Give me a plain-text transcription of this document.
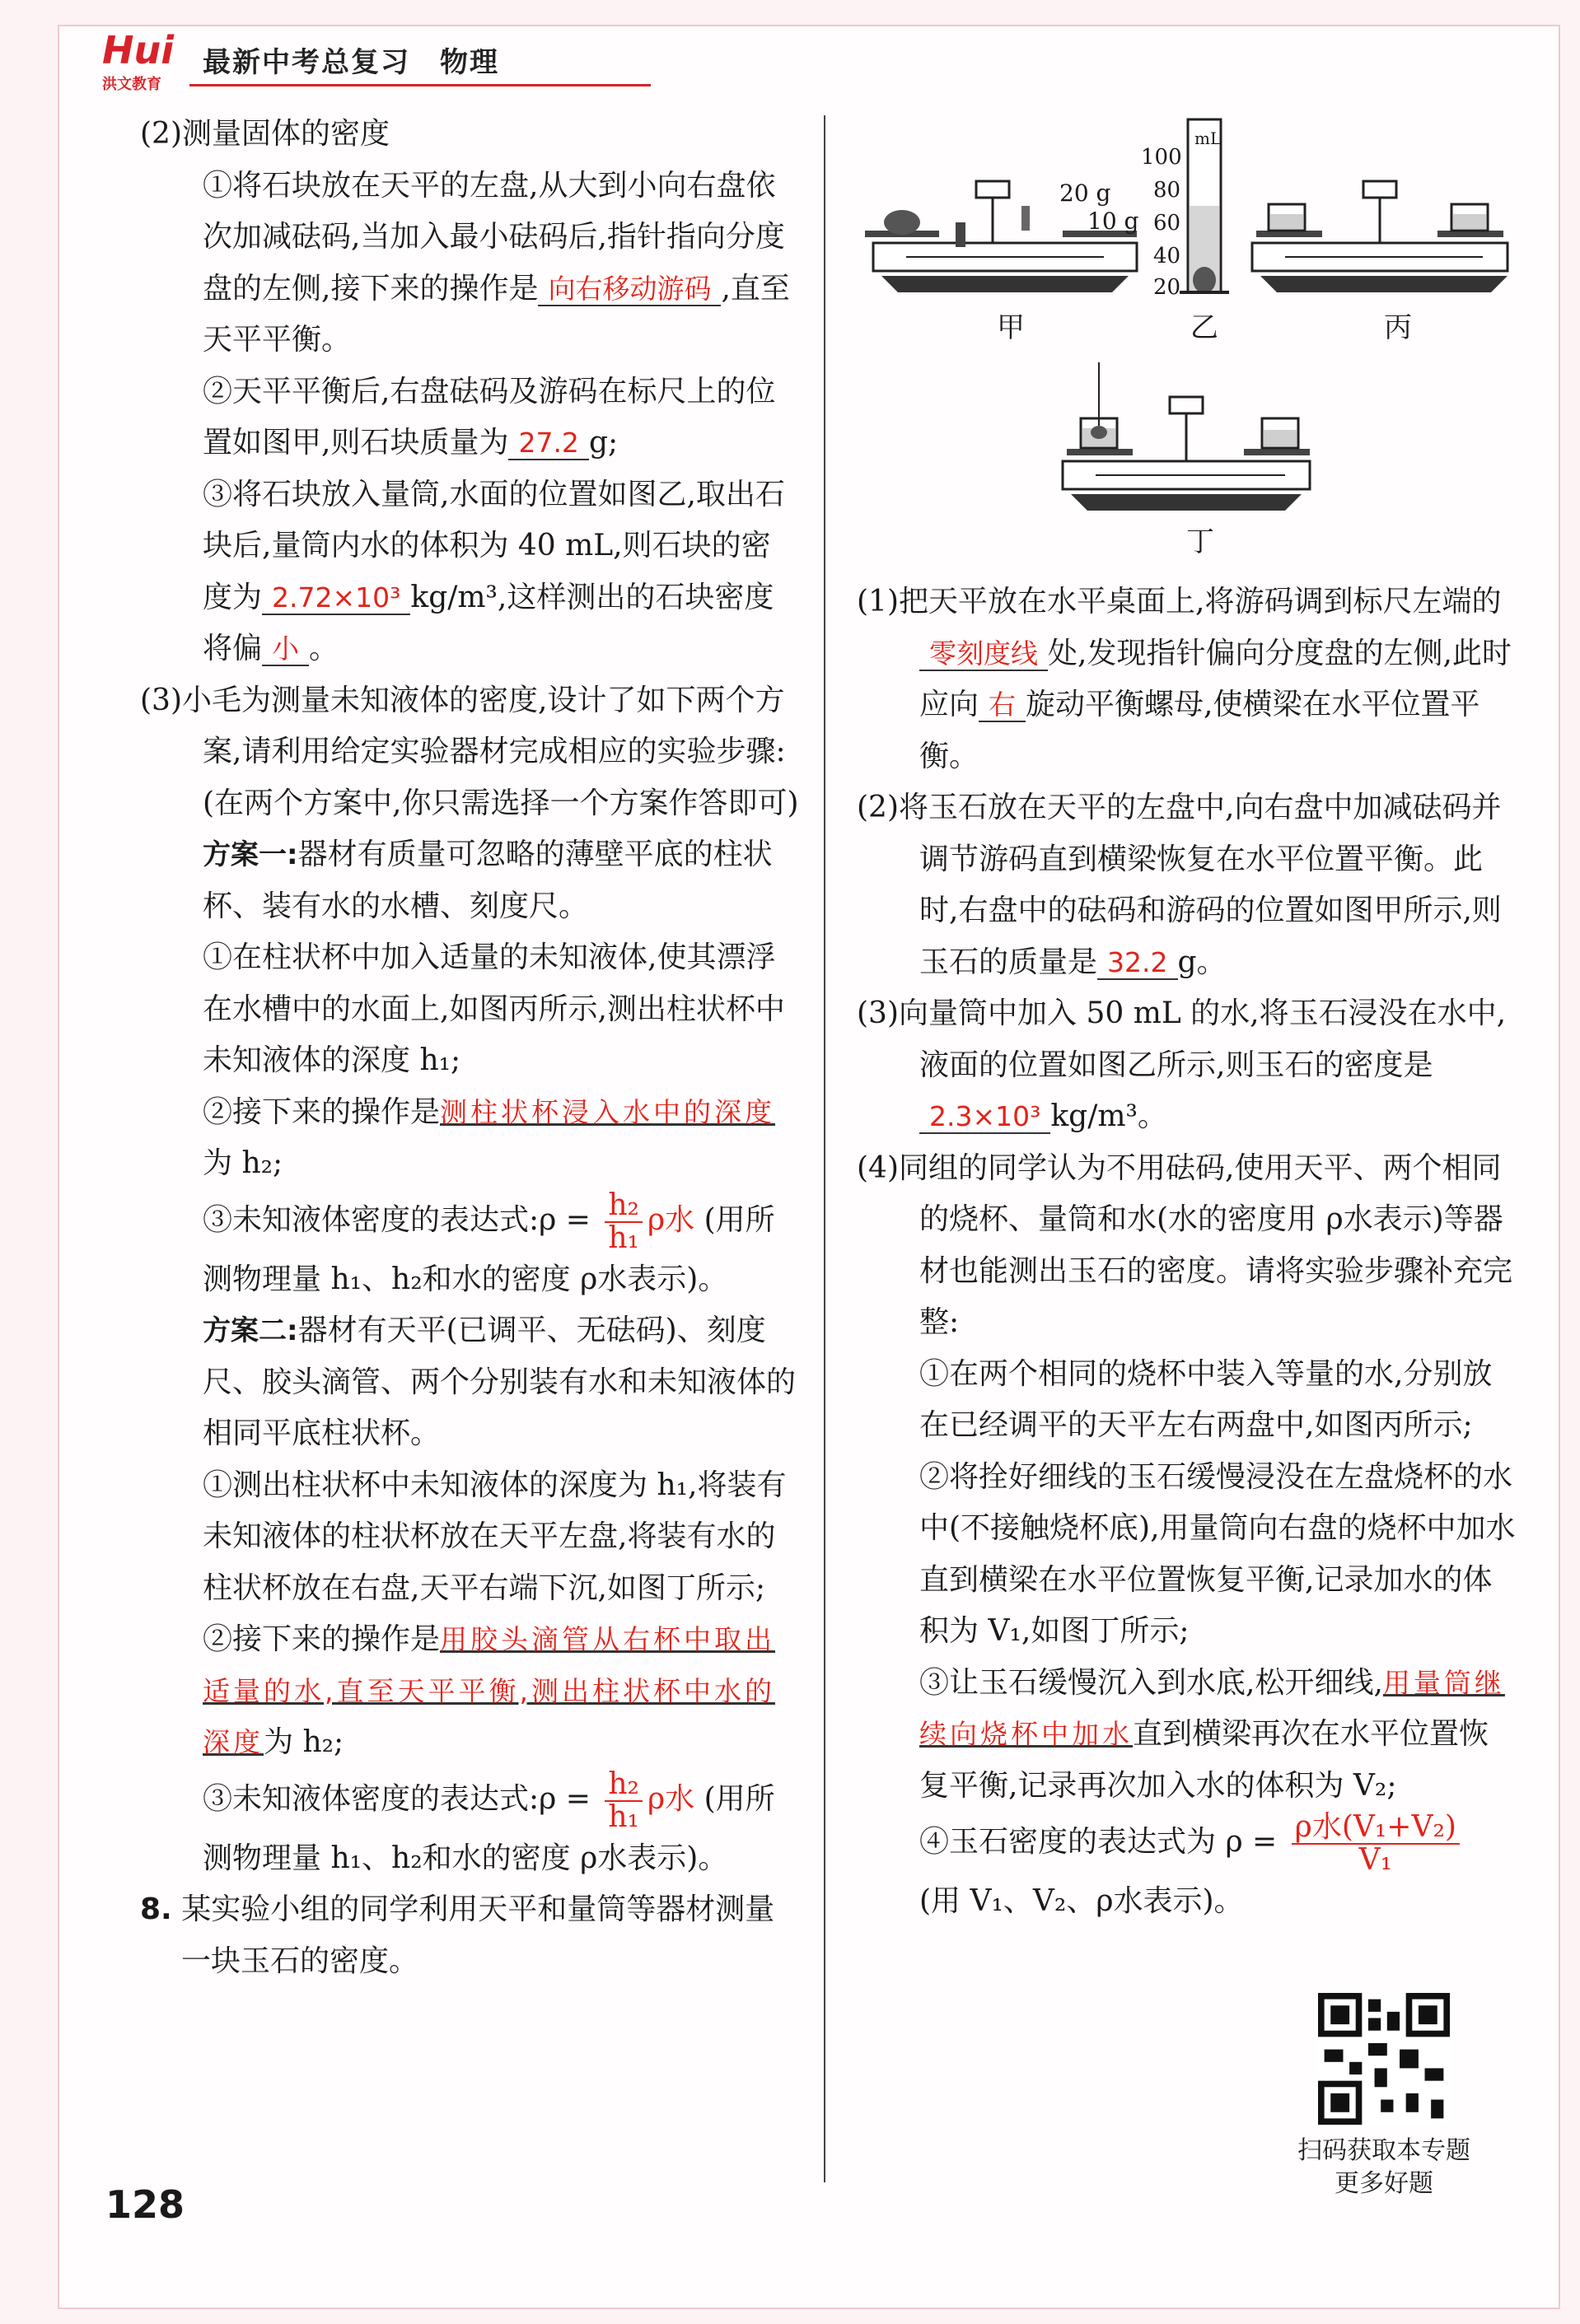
Hui
洪文教育
最新中考总复习　物理

(2)测量固体的密度

①将石块放在天平的左盘,从大到小向右盘依次加减砝码,当加入最小砝码后,指针指向分度盘的左侧,接下来的操作是 向右移动游码 ,直至天平平衡。

②天平平衡后,右盘砝码及游码在标尺上的位置如图甲,则石块质量为 27.2 g;

③将石块放入量筒,水面的位置如图乙,取出石块后,量筒内水的体积为 40 mL,则石块的密度为 2.72×10³ kg/m³,这样测出的石块密度将偏 小 。

(3)小毛为测量未知液体的密度,设计了如下两个方案,请利用给定实验器材完成相应的实验步骤:(在两个方案中,你只需选择一个方案作答即可)

方案一:器材有质量可忽略的薄壁平底的柱状杯、装有水的水槽、刻度尺。

①在柱状杯中加入适量的未知液体,使其漂浮在水槽中的水面上,如图丙所示,测出柱状杯中未知液体的深度 h₁;

②接下来的操作是测柱状杯浸入水中的深度为 h₂;

③未知液体密度的表达式:ρ = $\frac{\text{h₂}}{\text{h₁}}$ ρ水 (用所测物理量 h₁、h₂和水的密度 ρ水表示)。

方案二:器材有天平(已调平、无砝码)、刻度尺、胶头滴管、两个分别装有水和未知液体的相同平底柱状杯。

①测出柱状杯中未知液体的深度为 h₁,将装有未知液体的柱状杯放在天平左盘,将装有水的柱状杯放在右盘,天平右端下沉,如图丁所示;

②接下来的操作是用胶头滴管从右杯中取出适量的水,直至天平平衡,测出柱状杯中水的深度为 h₂;

③未知液体密度的表达式:ρ = $\frac{\text{h₂}}{\text{h₁}}$ ρ水 (用所测物理量 h₁、h₂和水的密度 ρ水表示)。

8. 某实验小组的同学利用天平和量筒等器材测量一块玉石的密度。

甲	乙	丙
丁
20 g
10 g
100
80
60
40
20
mL

(1)把天平放在水平桌面上,将游码调到标尺左端的零刻度线 处,发现指针偏向分度盘的左侧,此时应向 右 旋动平衡螺母,使横梁在水平位置平衡。

(2)将玉石放在天平的左盘中,向右盘中加减砝码并调节游码直到横梁恢复在水平位置平衡。此时,右盘中的砝码和游码的位置如图甲所示,则玉石的质量是 32.2 g。

(3)向量筒中加入 50 mL 的水,将玉石浸没在水中,液面的位置如图乙所示,则玉石的密度是2.3×10³ kg/m³。

(4)同组的同学认为不用砝码,使用天平、两个相同的烧杯、量筒和水(水的密度用 ρ水表示)等器材也能测出玉石的密度。请将实验步骤补充完整:

①在两个相同的烧杯中装入等量的水,分别放在已经调平的天平左右两盘中,如图丙所示;

②将拴好细线的玉石缓慢浸没在左盘烧杯的水中(不接触烧杯底),用量筒向右盘的烧杯中加水直到横梁在水平位置恢复平衡,记录加水的体积为 V₁,如图丁所示;

③让玉石缓慢沉入到水底,松开细线,用量筒继续向烧杯中加水直到横梁再次在水平位置恢复平衡,记录再次加入水的体积为 V₂;

④玉石密度的表达式为 $\rho = \frac{\text{ρ水(V₁+V₂)}}{\text{V₁}}$

(用 V₁、V₂、ρ水表示)。

扫码获取本专题
更多好题
128
